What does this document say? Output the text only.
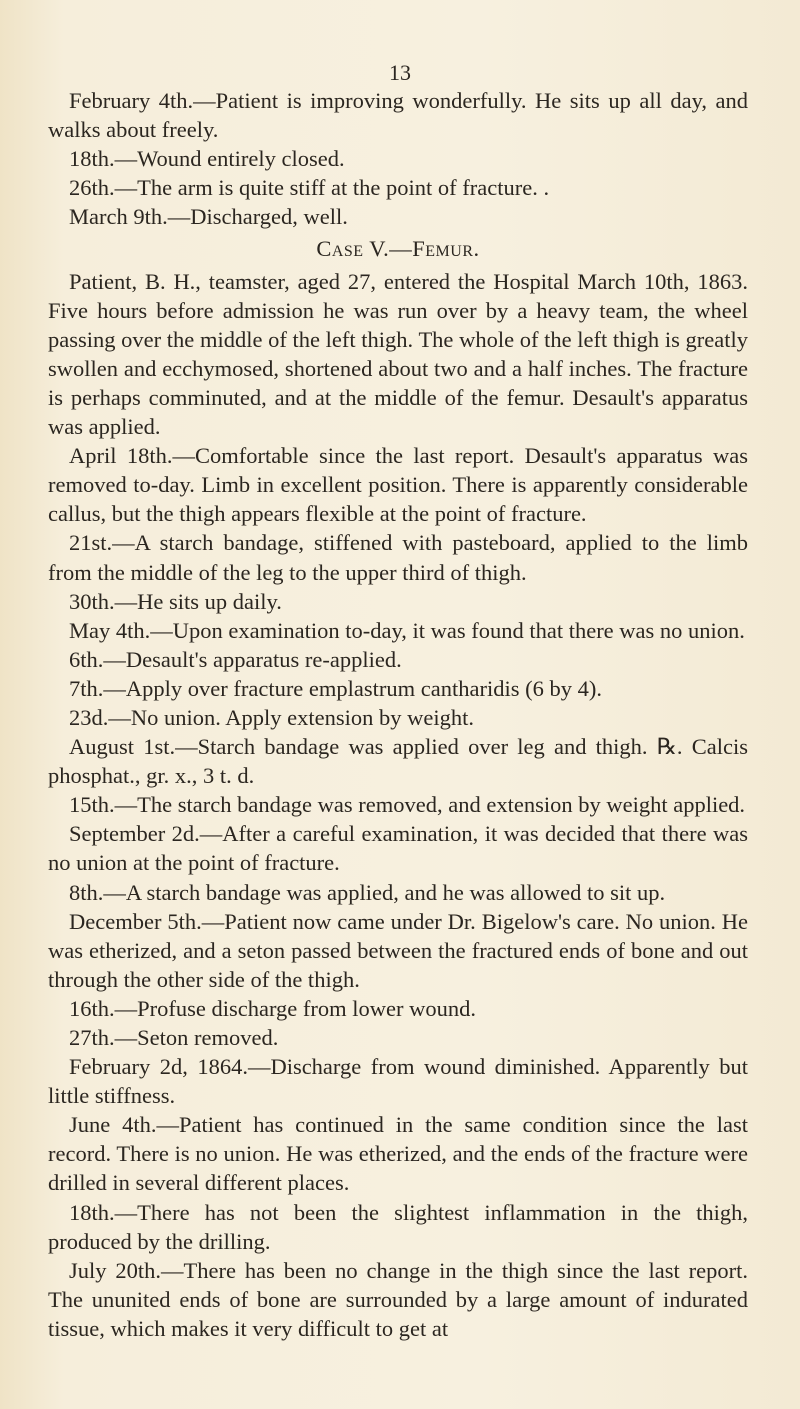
13

February 4th.—Patient is improving wonderfully. He sits up all day, and walks about freely.

18th.—Wound entirely closed.

26th.—The arm is quite stiff at the point of fracture. .

March 9th.—Discharged, well.

Case V.—Femur.

Patient, B. H., teamster, aged 27, entered the Hospital March 10th, 1863. Five hours before admission he was run over by a heavy team, the wheel passing over the middle of the left thigh. The whole of the left thigh is greatly swollen and ecchymosed, shortened about two and a half inches. The fracture is perhaps comminuted, and at the middle of the femur. Desault's apparatus was applied.

April 18th.—Comfortable since the last report. Desault's apparatus was removed to-day. Limb in excellent position. There is apparently considerable callus, but the thigh appears flexible at the point of fracture.

21st.—A starch bandage, stiffened with pasteboard, applied to the limb from the middle of the leg to the upper third of thigh.

30th.—He sits up daily.

May 4th.—Upon examination to-day, it was found that there was no union.

6th.—Desault's apparatus re-applied.

7th.—Apply over fracture emplastrum cantharidis (6 by 4).

23d.—No union. Apply extension by weight.

August 1st.—Starch bandage was applied over leg and thigh. ℞. Calcis phosphat., gr. x., 3 t. d.

15th.—The starch bandage was removed, and extension by weight applied.

September 2d.—After a careful examination, it was decided that there was no union at the point of fracture.

8th.—A starch bandage was applied, and he was allowed to sit up.

December 5th.—Patient now came under Dr. Bigelow's care. No union. He was etherized, and a seton passed between the fractured ends of bone and out through the other side of the thigh.

16th.—Profuse discharge from lower wound.

27th.—Seton removed.

February 2d, 1864.—Discharge from wound diminished. Apparently but little stiffness.

June 4th.—Patient has continued in the same condition since the last record. There is no union. He was etherized, and the ends of the fracture were drilled in several different places.

18th.—There has not been the slightest inflammation in the thigh, produced by the drilling.

July 20th.—There has been no change in the thigh since the last report. The ununited ends of bone are surrounded by a large amount of indurated tissue, which makes it very difficult to get at
